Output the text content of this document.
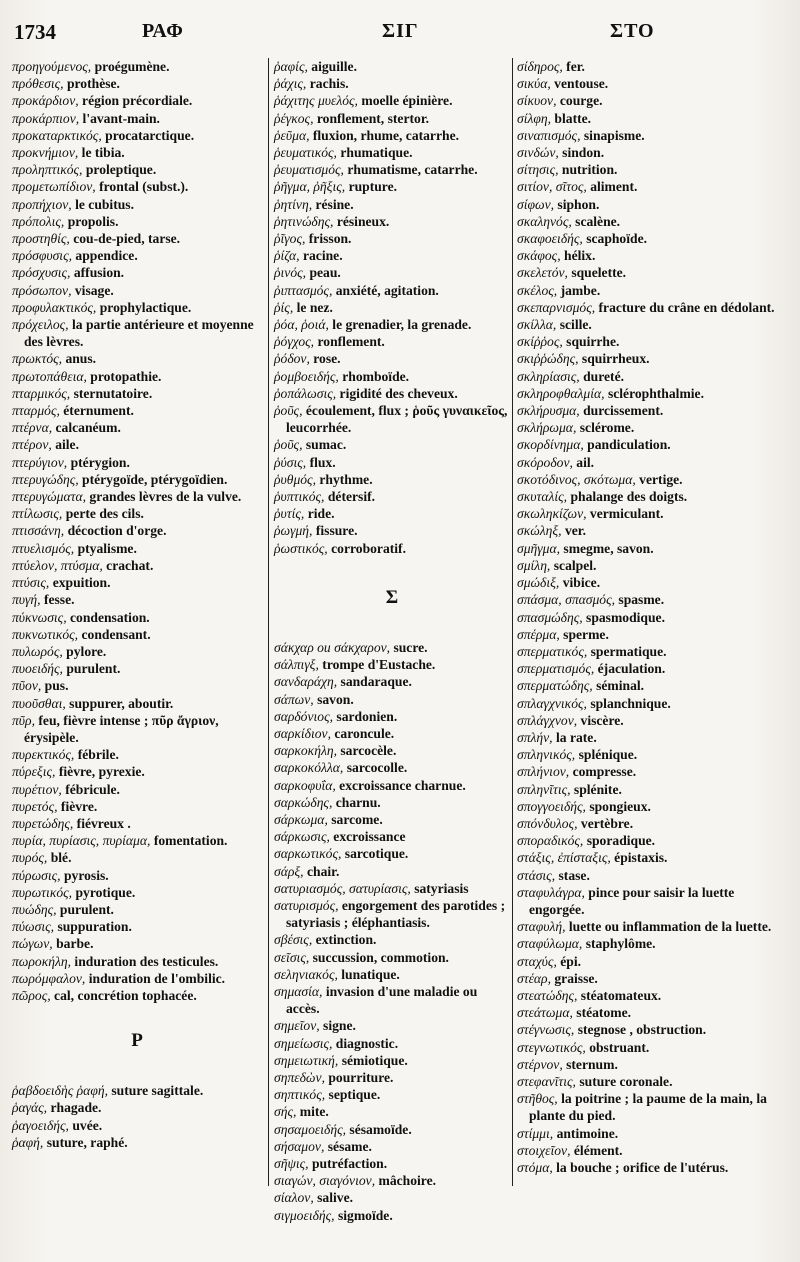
1734	ΡΑΦ	ΣΙΓ	ΣΤΟ
προηγούμενος, proégumène.
πρόθεσις, prothèse.
προκάρδιον, région précordiale.
προκάρπιον, l'avant-main.
προκαταρκτικός, procatarctique.
προκνήμιον, le tibia.
προληπτικός, proleptique.
προμετωπίδιον, frontal (subst.).
προπήχιον, le cubitus.
πρόπολις, propolis.
προστηθίς, cou-de-pied, tarse.
πρόσφυσις, appendice.
πρόσχυσις, affusion.
πρόσωπον, visage.
προφυλακτικός, prophylactique.
πρόχειλος, la partie antérieure et moyenne des lèvres.
πρωκτός, anus.
πρωτοπάθεια, protopathie.
πταρμικός, sternutatoire.
πταρμός, éternument.
πτέρνα, calcanéum.
πτέρον, aile.
πτερύγιον, ptérygion.
πτερυγώδης, ptérygoïde, ptérygoïdien.
πτερυγώματα, grandes lèvres de la vulve.
πτίλωσις, perte des cils.
πτισσάνη, décoction d'orge.
πτυελισμός, ptyalisme.
πτύελον, πτύσμα, crachat.
πτύσις, expuition.
πυγή, fesse.
πύκνωσις, condensation.
πυκνωτικός, condensant.
πυλωρός, pylore.
πυοειδής, purulent.
πῦον, pus.
πυοῦσθαι, suppurer, aboutir.
πῦρ, feu, fièvre intense ; πῦρ ἄγριον, érysipèle.
πυρεκτικός, fébrile.
πύρεξις, fièvre, pyrexie.
πυρέτιον, fébricule.
πυρετός, fièvre.
πυρετώδης, fiévreux .
πυρία, πυρίασις, πυρίαμα, fomentation.
πυρός, blé.
πύρωσις, pyrosis.
πυρωτικός, pyrotique.
πυώδης, purulent.
πύωσις, suppuration.
πώγων, barbe.
πωροκήλη, induration des testicules.
πωρόμφαλον, induration de l'ombilic.
πῶρος, cal, concrétion tophacée.
Ρ
ῥαβδοειδὴς ῥαφή, suture sagittale.
ῥαγάς, rhagade.
ῥαγοειδής, uvée.
ῥαφή, suture, raphé.
ῥαφίς, aiguille.
ῥάχις, rachis.
ῥάχιτης μυελός, moelle épinière.
ῥέγκος, ronflement, stertor.
ῥεῦμα, fluxion, rhume, catarrhe.
ῥευματικός, rhumatique.
ῥευματισμός, rhumatisme, catarrhe.
ῥῆγμα, ῥῆξις, rupture.
ῥητίνη, résine.
ῥητινώδης, résineux.
ῥῖγος, frisson.
ῥίζα, racine.
ῥινός, peau.
ῥιπτασμός, anxiété, agitation.
ῥίς, le nez.
ῥόα, ῥοιά, le grenadier, la grenade.
ῥόγχος, ronflement.
ῥόδον, rose.
ῥομβοειδής, rhomboïde.
ῥοπάλωσις, rigidité des cheveux.
ῥοῦς, écoulement, flux ; ῥοῦς γυναικεῖος, leucorrhée.
ῥοῦς, sumac.
ῥύσις, flux.
ῥυθμός, rhythme.
ῥυπτικός, détersif.
ῥυτίς, ride.
ῥωγμή, fissure.
ῥωστικός, corroboratif.
Σ
σάκχαρ ou σάκχαρον, sucre.
σάλπιγξ, trompe d'Eustache.
σανδαράχη, sandaraque.
σάπων, savon.
σαρδόνιος, sardonien.
σαρκίδιον, caroncule.
σαρκοκήλη, sarcocèle.
σαρκοκόλλα, sarcocolle.
σαρκοφυΐα, excroissance charnue.
σαρκώδης, charnu.
σάρκωμα, sarcome.
σάρκωσις, excroissance
σαρκωτικός, sarcotique.
σάρξ, chair.
σατυριασμός, σατυρίασις, satyriasis
σατυρισμός, engorgement des parotides ; satyriasis ; éléphantiasis.
σβέσις, extinction.
σεῖσις, succussion, commotion.
σεληνιακός, lunatique.
σημασία, invasion d'une maladie ou accès.
σημεῖον, signe.
σημείωσις, diagnostic.
σημειωτική, sémiotique.
σηπεδὼν, pourriture.
σηπτικός, septique.
σής, mite.
σησαμοειδής, sésamoïde.
σήσαμον, sésame.
σῆψις, putréfaction.
σιαγών, σιαγόνιον, mâchoire.
σίαλον, salive.
σιγμοειδής, sigmoïde.
σίδηρος, fer.
σικύα, ventouse.
σίκυον, courge.
σίλφη, blatte.
σιναπισμός, sinapisme.
σινδών, sindon.
σίτησις, nutrition.
σιτίον, σῖτος, aliment.
σίφων, siphon.
σκαληνός, scalène.
σκαφοειδής, scaphoïde.
σκάφος, hélix.
σκελετόν, squelette.
σκέλος, jambe.
σκεπαρνισμός, fracture du crâne en dédolant.
σκίλλα, scille.
σκίῤῥος, squirrhe.
σκιῤῥώδης, squirrheux.
σκληρίασις, dureté.
σκληροφθαλμία, sclérophthalmie.
σκλήρυσμα, durcissement.
σκλήρωμα, sclérome.
σκορδίνημα, pandiculation.
σκόροδον, ail.
σκοτόδινος, σκότωμα, vertige.
σκυταλίς, phalange des doigts.
σκωληκίζων, vermiculant.
σκώληξ, ver.
σμῆγμα, smegme, savon.
σμίλη, scalpel.
σμώδιξ, vibice.
σπάσμα, σπασμός, spasme.
σπασμώδης, spasmodique.
σπέρμα, sperme.
σπερματικός, spermatique.
σπερματισμός, éjaculation.
σπερματώδης, séminal.
σπλαγχνικός, splanchnique.
σπλάγχνον, viscère.
σπλήν, la rate.
σπληνικός, splénique.
σπλήνιον, compresse.
σπληνῖτις, splénite.
σπογγοειδής, spongieux.
σπόνδυλος, vertèbre.
σποραδικός, sporadique.
στάξις, ἐπίσταξις, épistaxis.
στάσις, stase.
σταφυλάγρα, pince pour saisir la luette engorgée.
σταφυλή, luette ou inflammation de la luette.
σταφύλωμα, staphylôme.
σταχύς, épi.
στέαρ, graisse.
στεατώδης, stéatomateux.
στεάτωμα, stéatome.
στέγνωσις, stegnose , obstruction.
στεγνωτικός, obstruant.
στέρνον, sternum.
στεφανῖτις, suture coronale.
στῆθος, la poitrine ; la paume de la main, la plante du pied.
στίμμι, antimoine.
στοιχεῖον, élément.
στόμα, la bouche ; orifice de l'utérus.
